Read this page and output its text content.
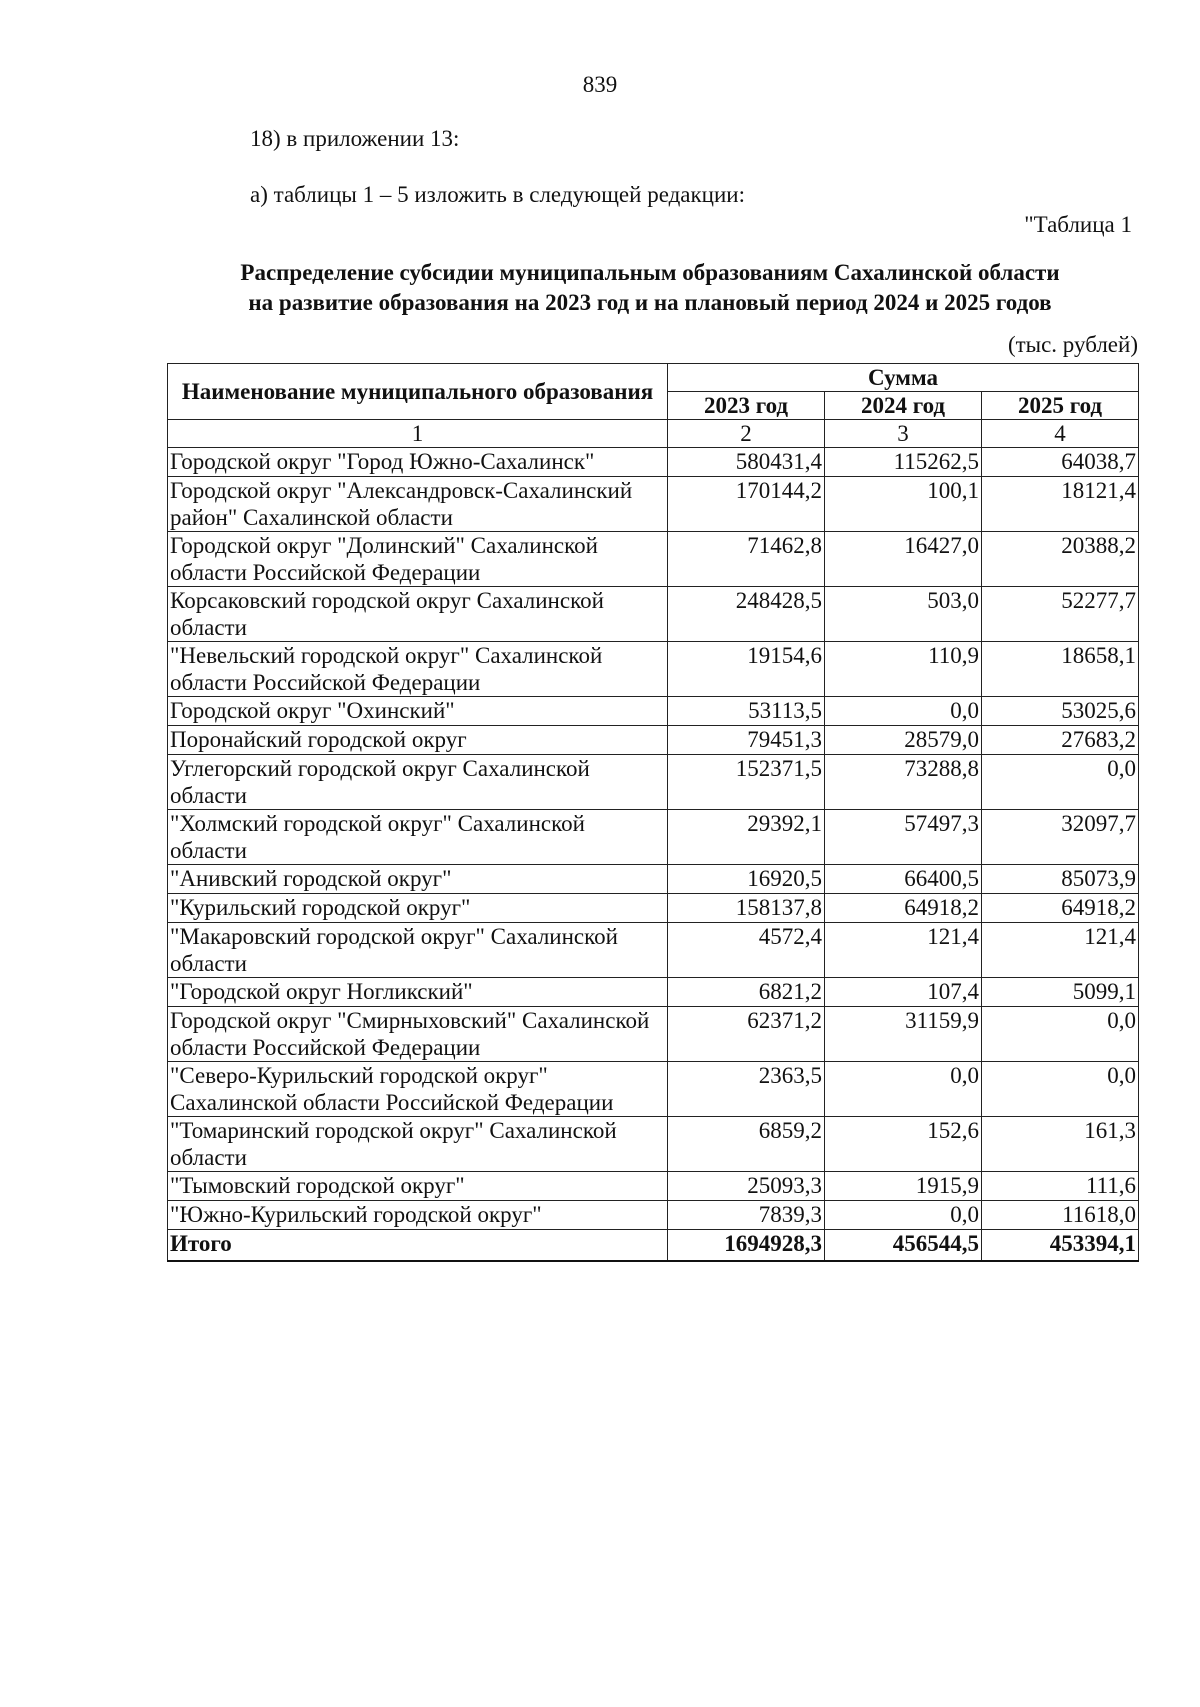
839
18) в приложении 13:
а) таблицы 1 – 5 изложить в следующей редакции:
"Таблица 1
Распределение субсидии муниципальным образованиям Сахалинской области
на развитие образования на 2023 год и на плановый период 2024 и 2025 годов
(тыс. рублей)
Наименование муниципального образования	Сумма		
	2023 год	2024 год	2025 год
1	2	3	4
Городской округ "Город Южно-Сахалинск"	580431,4	115262,5	64038,7
Городской округ "Александровск-Сахалинский район" Сахалинской области	170144,2	100,1	18121,4
Городской округ "Долинский" Сахалинской области Российской Федерации	71462,8	16427,0	20388,2
Корсаковский городской округ Сахалинской области	248428,5	503,0	52277,7
"Невельский городской округ" Сахалинской области Российской Федерации	19154,6	110,9	18658,1
Городской округ "Охинский"	53113,5	0,0	53025,6
Поронайский городской округ	79451,3	28579,0	27683,2
Углегорский городской округ Сахалинской области	152371,5	73288,8	0,0
"Холмский городской округ" Сахалинской области	29392,1	57497,3	32097,7
"Анивский городской округ"	16920,5	66400,5	85073,9
"Курильский городской округ"	158137,8	64918,2	64918,2
"Макаровский городской округ" Сахалинской области	4572,4	121,4	121,4
"Городской округ Ногликский"	6821,2	107,4	5099,1
Городской округ "Смирныховский" Сахалинской области Российской Федерации	62371,2	31159,9	0,0
"Северо-Курильский городской округ" Сахалинской области Российской Федерации	2363,5	0,0	0,0
"Томаринский городской округ" Сахалинской области	6859,2	152,6	161,3
"Тымовский городской округ"	25093,3	1915,9	111,6
"Южно-Курильский городской округ"	7839,3	0,0	11618,0
Итого	1694928,3	456544,5	453394,1
